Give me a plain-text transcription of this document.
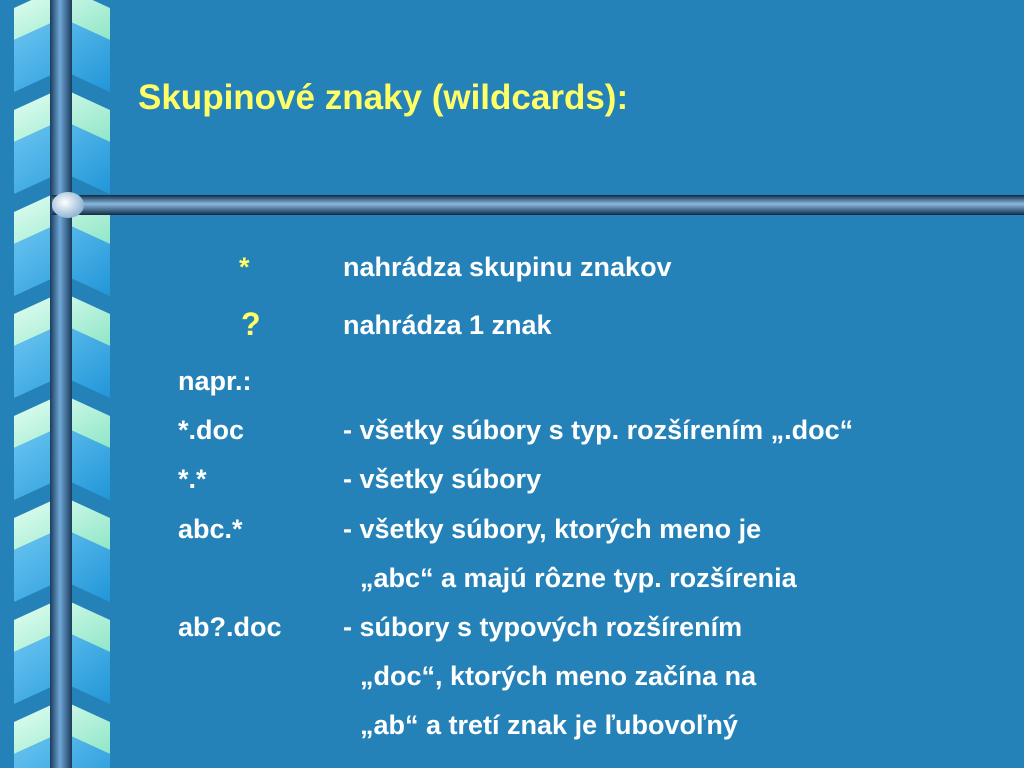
Skupinové znaky (wildcards):
*	nahrádza skupinu znakov
?	nahrádza 1 znak
napr.:
*.doc	- všetky súbory s typ. rozšírením „.doc“
*.*	- všetky súbory
abc.*	- všetky súbory, ktorých meno je
„abc“ a majú rôzne typ. rozšírenia
ab?.doc - súbory s typových rozšírením
„doc“, ktorých meno začína na
„ab“ a tretí znak je ľubovoľný
